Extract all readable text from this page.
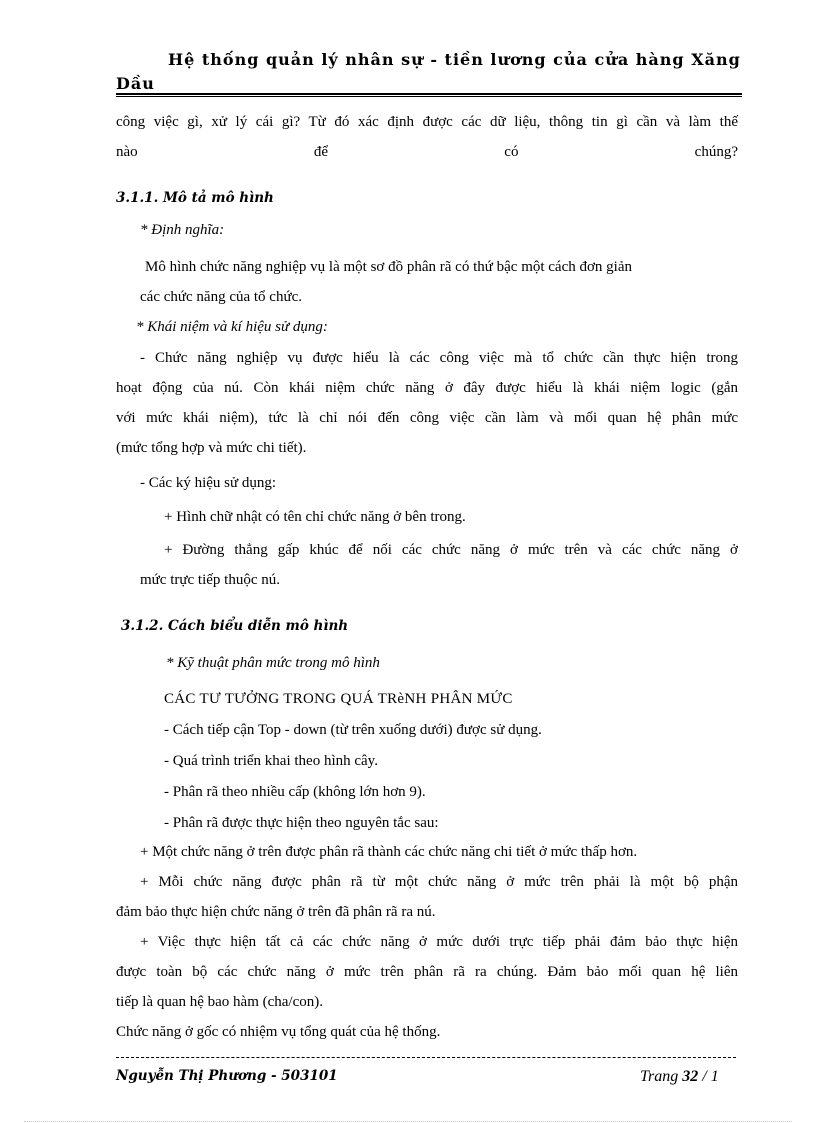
Hệ thống quản lý nhân sự - tiền lương của cửa hàng Xăng
Dầu

công việc gì, xử lý cái gì? Từ đó xác định được các dữ liệu, thông tin gì cần và làm thế

nào để có chúng?

3.1.1. Mô tả mô hình

* Định nghĩa:

Mô hình chức năng nghiệp vụ là một sơ đồ phân rã có thứ bậc một cách đơn giản

các chức năng của tổ chức.

* Khái niệm và kí hiệu sử dụng:

- Chức năng nghiệp vụ được hiểu là các công việc mà tổ chức cần thực hiện trong

hoạt động của nú. Còn khái niệm chức năng ở đây được hiểu là khái niệm logic (gắn

với mức khái niệm), tức là chỉ nói đến công việc cần làm và mối quan hệ phân mức

(mức tổng hợp và mức chi tiết).

- Các ký hiệu sử dụng:

+ Hình chữ nhật có tên chỉ chức năng ở bên trong.

+ Đường thẳng gấp khúc để nối các chức năng ở mức trên và các chức năng ở

mức trực tiếp thuộc nú.

3.1.2. Cách biểu diễn mô hình

* Kỹ thuật phân mức trong mô hình

CÁC TƯ TƯỞNG TRONG QUÁ TRèNH PHÂN MỨC

- Cách tiếp cận Top - down (từ trên xuống dưới) được sử dụng.

- Quá trình triển khai theo hình cây.

- Phân rã theo nhiều cấp (không lớn hơn 9).

- Phân rã được thực hiện theo nguyên tắc sau:

+ Một chức năng ở trên được phân rã thành các chức năng chi tiết ở mức thấp hơn.

+ Mỗi chức năng được phân rã từ một chức năng ở mức trên phải là một bộ phận

đảm bảo thực hiện chức năng ở trên đã phân rã ra nú.

+ Việc thực hiện tất cả các chức năng ở mức dưới trực tiếp phải đảm bảo thực hiện

được toàn bộ các chức năng ở mức trên phân rã ra chúng. Đảm bảo mối quan hệ liên

tiếp là quan hệ bao hàm (cha/con).

Chức năng ở gốc có nhiệm vụ tổng quát của hệ thống.

Nguyễn Thị Phương - 503101	Trang 32 / 1
